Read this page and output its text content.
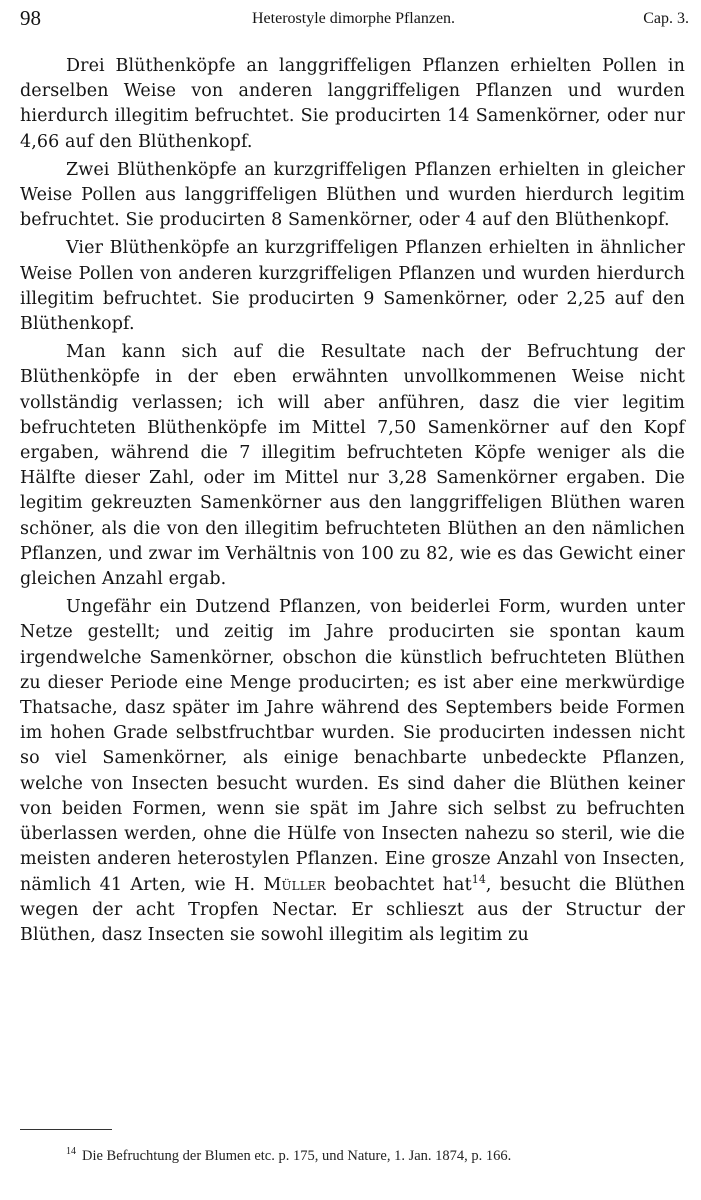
98	Heterostyle dimorphe Pflanzen.	Cap. 3.

Drei Blüthenköpfe an langgriffeligen Pflanzen erhielten Pollen in derselben Weise von anderen langgriffeligen Pflanzen und wurden hierdurch illegitim befruchtet. Sie producirten 14 Samenkörner, oder nur 4,66 auf den Blüthenkopf.

Zwei Blüthenköpfe an kurzgriffeligen Pflanzen erhielten in gleicher Weise Pollen aus langgriffeligen Blüthen und wurden hierdurch legitim befruchtet. Sie producirten 8 Samenkörner, oder 4 auf den Blüthenkopf.

Vier Blüthenköpfe an kurzgriffeligen Pflanzen erhielten in ähnlicher Weise Pollen von anderen kurzgriffeligen Pflanzen und wurden hierdurch illegitim befruchtet. Sie producirten 9 Samenkörner, oder 2,25 auf den Blüthenkopf.

Man kann sich auf die Resultate nach der Befruchtung der Blüthenköpfe in der eben erwähnten unvollkommenen Weise nicht vollständig verlassen; ich will aber anführen, dasz die vier legitim befruchteten Blüthenköpfe im Mittel 7,50 Samenkörner auf den Kopf ergaben, während die 7 illegitim befruchteten Köpfe weniger als die Hälfte dieser Zahl, oder im Mittel nur 3,28 Samenkörner ergaben. Die legitim gekreuzten Samenkörner aus den langgriffeligen Blüthen waren schöner, als die von den illegitim befruchteten Blüthen an den nämlichen Pflanzen, und zwar im Verhältnis von 100 zu 82, wie es das Gewicht einer gleichen Anzahl ergab.

Ungefähr ein Dutzend Pflanzen, von beiderlei Form, wurden unter Netze gestellt; und zeitig im Jahre producirten sie spontan kaum irgendwelche Samenkörner, obschon die künstlich befruchteten Blüthen zu dieser Periode eine Menge producirten; es ist aber eine merkwürdige Thatsache, dasz später im Jahre während des Septembers beide Formen im hohen Grade selbstfruchtbar wurden. Sie producirten indessen nicht so viel Samenkörner, als einige benachbarte unbedeckte Pflanzen, welche von Insecten besucht wurden. Es sind daher die Blüthen keiner von beiden Formen, wenn sie spät im Jahre sich selbst zu befruchten überlassen werden, ohne die Hülfe von Insecten nahezu so steril, wie die meisten anderen heterostylen Pflanzen. Eine grosze Anzahl von Insecten, nämlich 41 Arten, wie H. Müller beobachtet hat$^{14}$, besucht die Blüthen wegen der acht Tropfen Nectar. Er schlieszt aus der Structur der Blüthen, dasz Insecten sie sowohl illegitim als legitim zu

$^{14}$ Die Befruchtung der Blumen etc. p. 175, und Nature, 1. Jan. 1874, p. 166.
